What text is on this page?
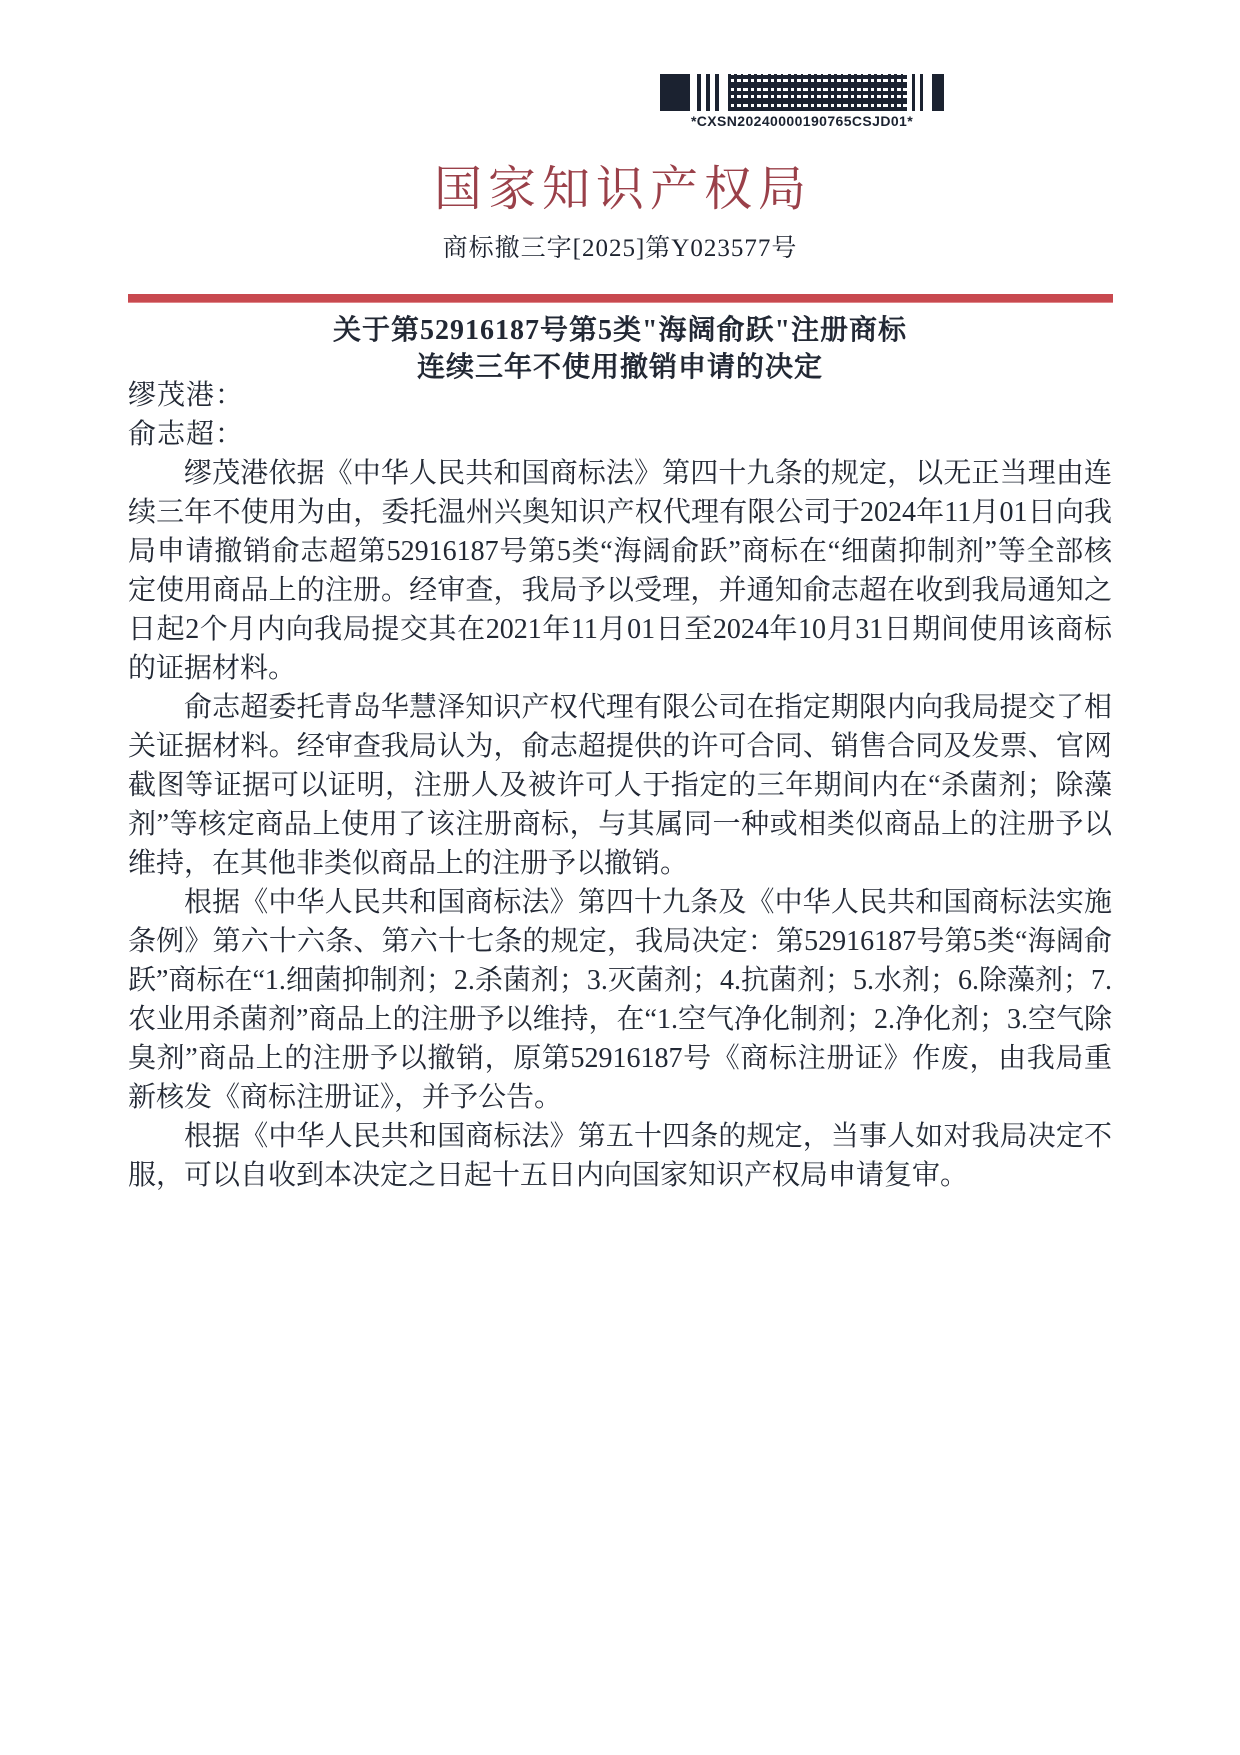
*CXSN20240000190765CSJD01*
国家知识产权局
商标撤三字[2025]第Y023577号
关于第52916187号第5类"海阔俞跃"注册商标
连续三年不使用撤销申请的决定
缪茂港：
俞志超：

缪茂港依据《中华人民共和国商标法》第四十九条的规定，以无正当理由连续三年不使用为由，委托温州兴奥知识产权代理有限公司于2024年11月01日向我局申请撤销俞志超第52916187号第5类“海阔俞跃”商标在“细菌抑制剂”等全部核定使用商品上的注册。经审查，我局予以受理，并通知俞志超在收到我局通知之日起2个月内向我局提交其在2021年11月01日至2024年10月31日期间使用该商标的证据材料。

俞志超委托青岛华慧泽知识产权代理有限公司在指定期限内向我局提交了相关证据材料。经审查我局认为，俞志超提供的许可合同、销售合同及发票、官网截图等证据可以证明，注册人及被许可人于指定的三年期间内在“杀菌剂；除藻剂”等核定商品上使用了该注册商标，与其属同一种或相类似商品上的注册予以维持，在其他非类似商品上的注册予以撤销。

根据《中华人民共和国商标法》第四十九条及《中华人民共和国商标法实施条例》第六十六条、第六十七条的规定，我局决定：第52916187号第5类“海阔俞跃”商标在“1.细菌抑制剂；2.杀菌剂；3.灭菌剂；4.抗菌剂；5.水剂；6.除藻剂；7.农业用杀菌剂”商品上的注册予以维持，在“1.空气净化制剂；2.净化剂；3.空气除臭剂”商品上的注册予以撤销，原第52916187号《商标注册证》作废，由我局重新核发《商标注册证》，并予公告。

根据《中华人民共和国商标法》第五十四条的规定，当事人如对我局决定不服，可以自收到本决定之日起十五日内向国家知识产权局申请复审。
